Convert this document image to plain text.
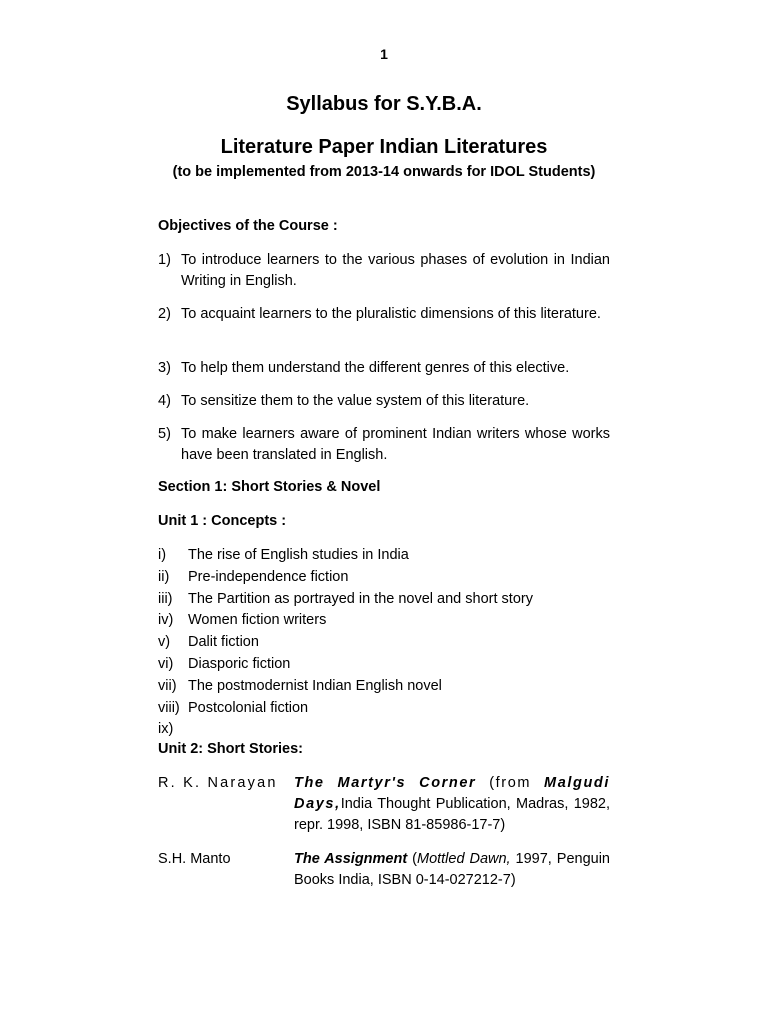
1
Syllabus for S.Y.B.A.
Literature Paper Indian Literatures
(to be implemented from 2013-14 onwards for IDOL Students)
Objectives of the Course :
1) To introduce learners to the various phases of evolution in Indian Writing in English.
2) To acquaint learners to the pluralistic dimensions of this literature.
3) To help them understand the different genres of this elective.
4) To sensitize them to the value system of this literature.
5) To make learners aware of prominent Indian writers whose works have been translated in English.
Section 1: Short Stories & Novel
Unit 1 : Concepts :
i) The rise of English studies in India
ii) Pre-independence fiction
iii) The Partition as portrayed in the novel and short story
iv) Women fiction writers
v) Dalit fiction
vi) Diasporic fiction
vii) The postmodernist Indian English novel
viii) Postcolonial fiction
ix)
Unit 2: Short Stories:
R. K. Narayan The Martyr's Corner (from Malgudi Days,India Thought Publication, Madras, 1982, repr. 1998, ISBN 81-85986-17-7)
S.H. Manto	The Assignment (Mottled Dawn, 1997, Penguin Books India, ISBN 0-14-027212-7)
